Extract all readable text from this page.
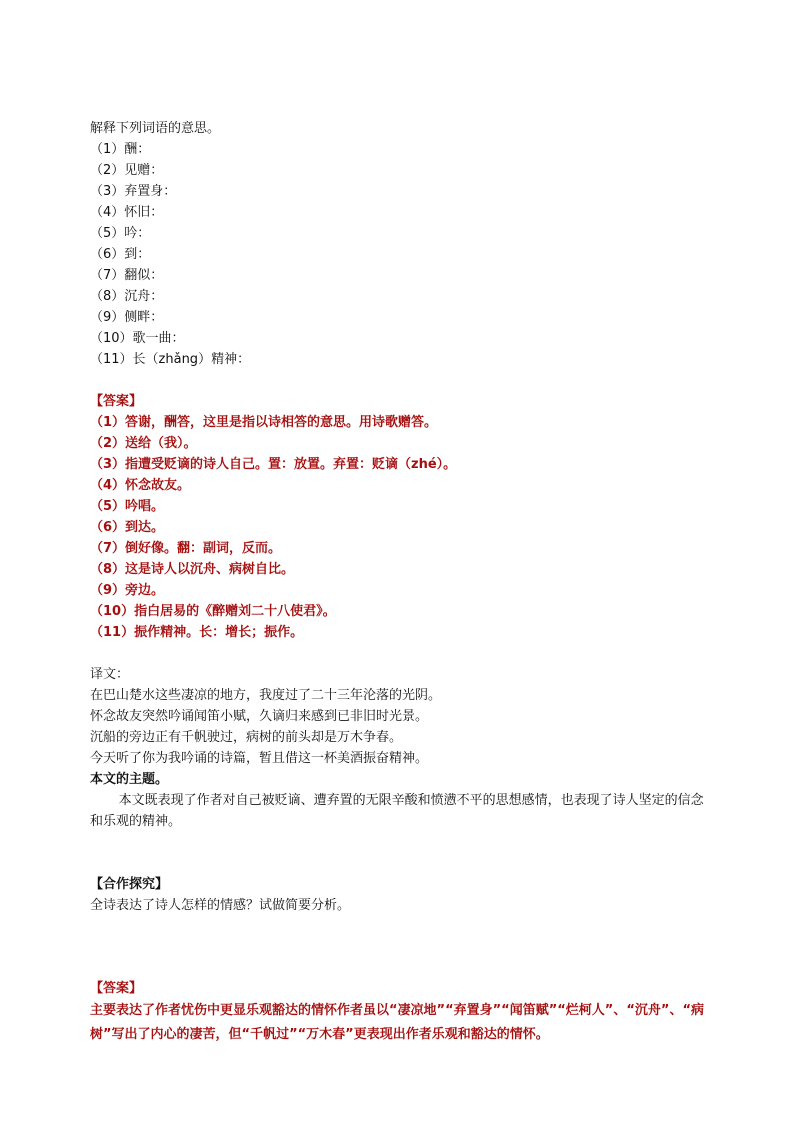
解释下列词语的意思。
（1）酬：
（2）见赠：
（3）弃置身：
（4）怀旧：
（5）吟：
（6）到：
（7）翻似：
（8）沉舟：
（9）侧畔：
（10）歌一曲：
（11）长（zhǎng）精神：
【答案】
（1）答谢，酬答，这里是指以诗相答的意思。用诗歌赠答。
（2）送给（我）。
（3）指遭受贬谪的诗人自己。置：放置。弃置：贬谪（zhé）。
（4）怀念故友。
（5）吟唱。
（6）到达。
（7）倒好像。翻：副词，反而。
（8）这是诗人以沉舟、病树自比。
（9）旁边。
（10）指白居易的《醉赠刘二十八使君》。
（11）振作精神。长：增长；振作。
译文：
在巴山楚水这些凄凉的地方，我度过了二十三年沦落的光阴。
怀念故友突然吟诵闻笛小赋，久谪归来感到已非旧时光景。
沉船的旁边正有千帆驶过，病树的前头却是万木争春。
今天听了你为我吟诵的诗篇，暂且借这一杯美酒振奋精神。
本文的主题。
本文既表现了作者对自己被贬谪、遭弃置的无限辛酸和愤懑不平的思想感情，也表现了诗人坚定的信念和乐观的精神。
【合作探究】
全诗表达了诗人怎样的情感？试做简要分析。
【答案】
主要表达了作者忧伤中更显乐观豁达的情怀作者虽以“凄凉地”“弃置身”“闻笛赋”“烂柯人”、“沉舟”、“病树”写出了内心的凄苦，但“千帆过”“万木春”更表现出作者乐观和豁达的情怀。
